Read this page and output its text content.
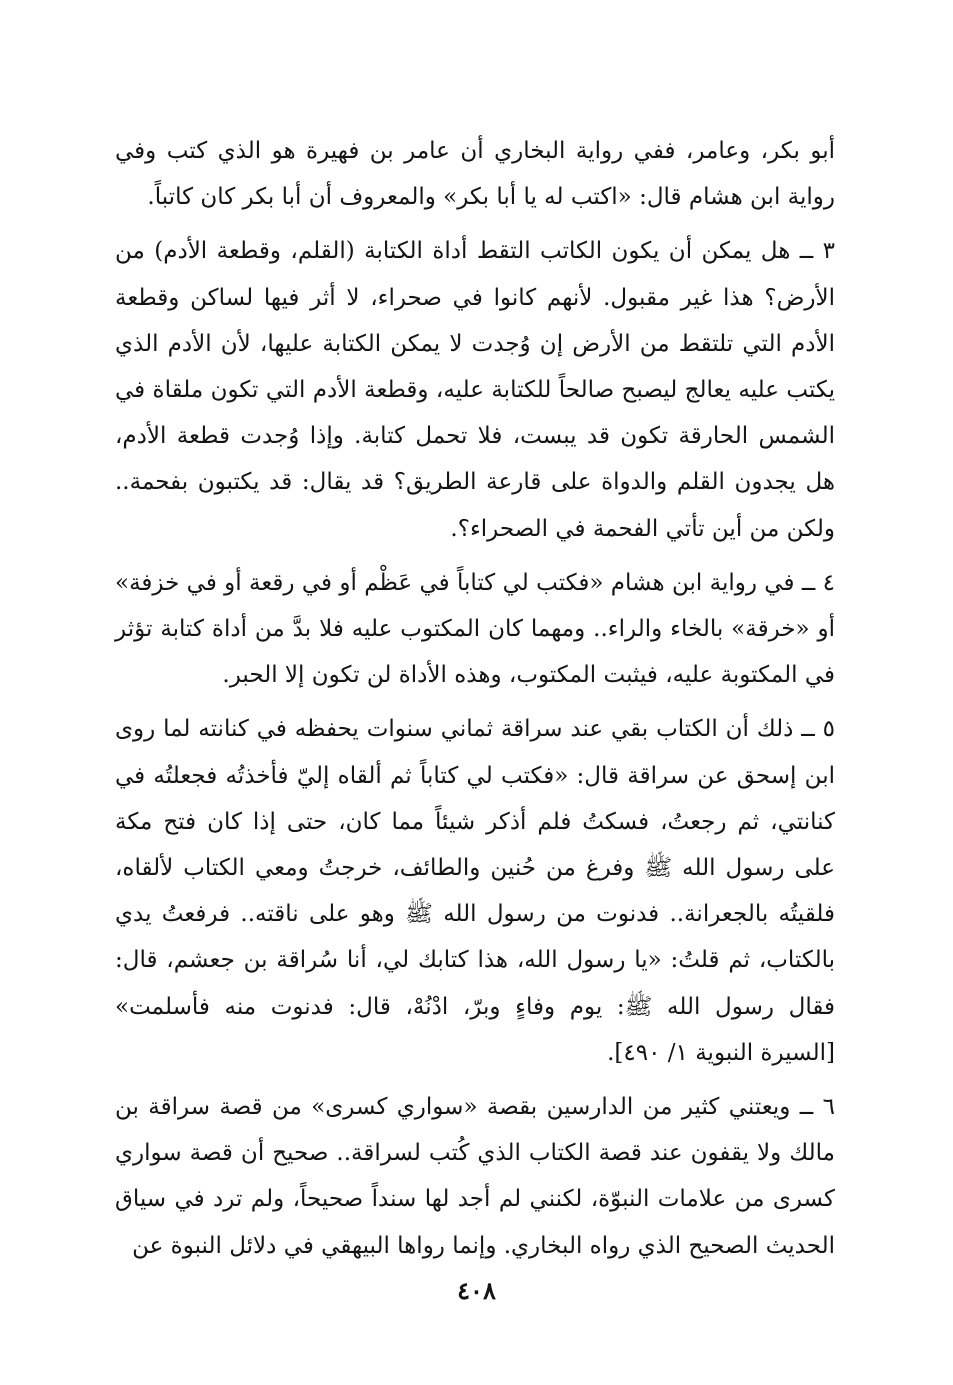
أبو بكر، وعامر، ففي رواية البخاري أن عامر بن فهيرة هو الذي كتب وفي رواية ابن هشام قال: «اكتب له يا أبا بكر» والمعروف أن أبا بكر كان كاتباً.

٣ ــ هل يمكن أن يكون الكاتب التقط أداة الكتابة (القلم، وقطعة الأدم) من الأرض؟ هذا غير مقبول. لأنهم كانوا في صحراء، لا أثر فيها لساكن وقطعة الأدم التي تلتقط من الأرض إن وُجدت لا يمكن الكتابة عليها، لأن الأدم الذي يكتب عليه يعالج ليصبح صالحاً للكتابة عليه، وقطعة الأدم التي تكون ملقاة في الشمس الحارقة تكون قد يبست، فلا تحمل كتابة. وإذا وُجدت قطعة الأدم، هل يجدون القلم والدواة على قارعة الطريق؟ قد يقال: قد يكتبون بفحمة.. ولكن من أين تأتي الفحمة في الصحراء؟.

٤ ــ في رواية ابن هشام «فكتب لي كتاباً في عَظْم أو في رقعة أو في خزفة» أو «خرقة» بالخاء والراء.. ومهما كان المكتوب عليه فلا بدَّ من أداة كتابة تؤثر في المكتوبة عليه، فيثبت المكتوب، وهذه الأداة لن تكون إلا الحبر.

٥ ــ ذلك أن الكتاب بقي عند سراقة ثماني سنوات يحفظه في كنانته لما روى ابن إسحق عن سراقة قال: «فكتب لي كتاباً ثم ألقاه إليّ فأخذتُه فجعلتُه في كنانتي، ثم رجعتُ، فسكتُ فلم أذكر شيئاً مما كان، حتى إذا كان فتح مكة على رسول الله ﷺ وفرغ من حُنين والطائف، خرجتُ ومعي الكتاب لألقاه، فلقيتُه بالجعرانة.. فدنوت من رسول الله ﷺ وهو على ناقته.. فرفعتُ يدي بالكتاب، ثم قلتُ: «يا رسول الله، هذا كتابك لي، أنا سُراقة بن جعشم، قال: فقال رسول الله ﷺ: يوم وفاءٍ وبرّ، ادْنُهْ، قال: فدنوت منه فأسلمت» [السيرة النبوية ١/ ٤٩٠].

٦ ــ ويعتني كثير من الدارسين بقصة «سواري كسرى» من قصة سراقة بن مالك ولا يقفون عند قصة الكتاب الذي كُتب لسراقة.. صحيح أن قصة سواري كسرى من علامات النبوّة، لكنني لم أجد لها سنداً صحيحاً، ولم ترد في سياق الحديث الصحيح الذي رواه البخاري. وإنما رواها البيهقي في دلائل النبوة عن

٤٠٨
